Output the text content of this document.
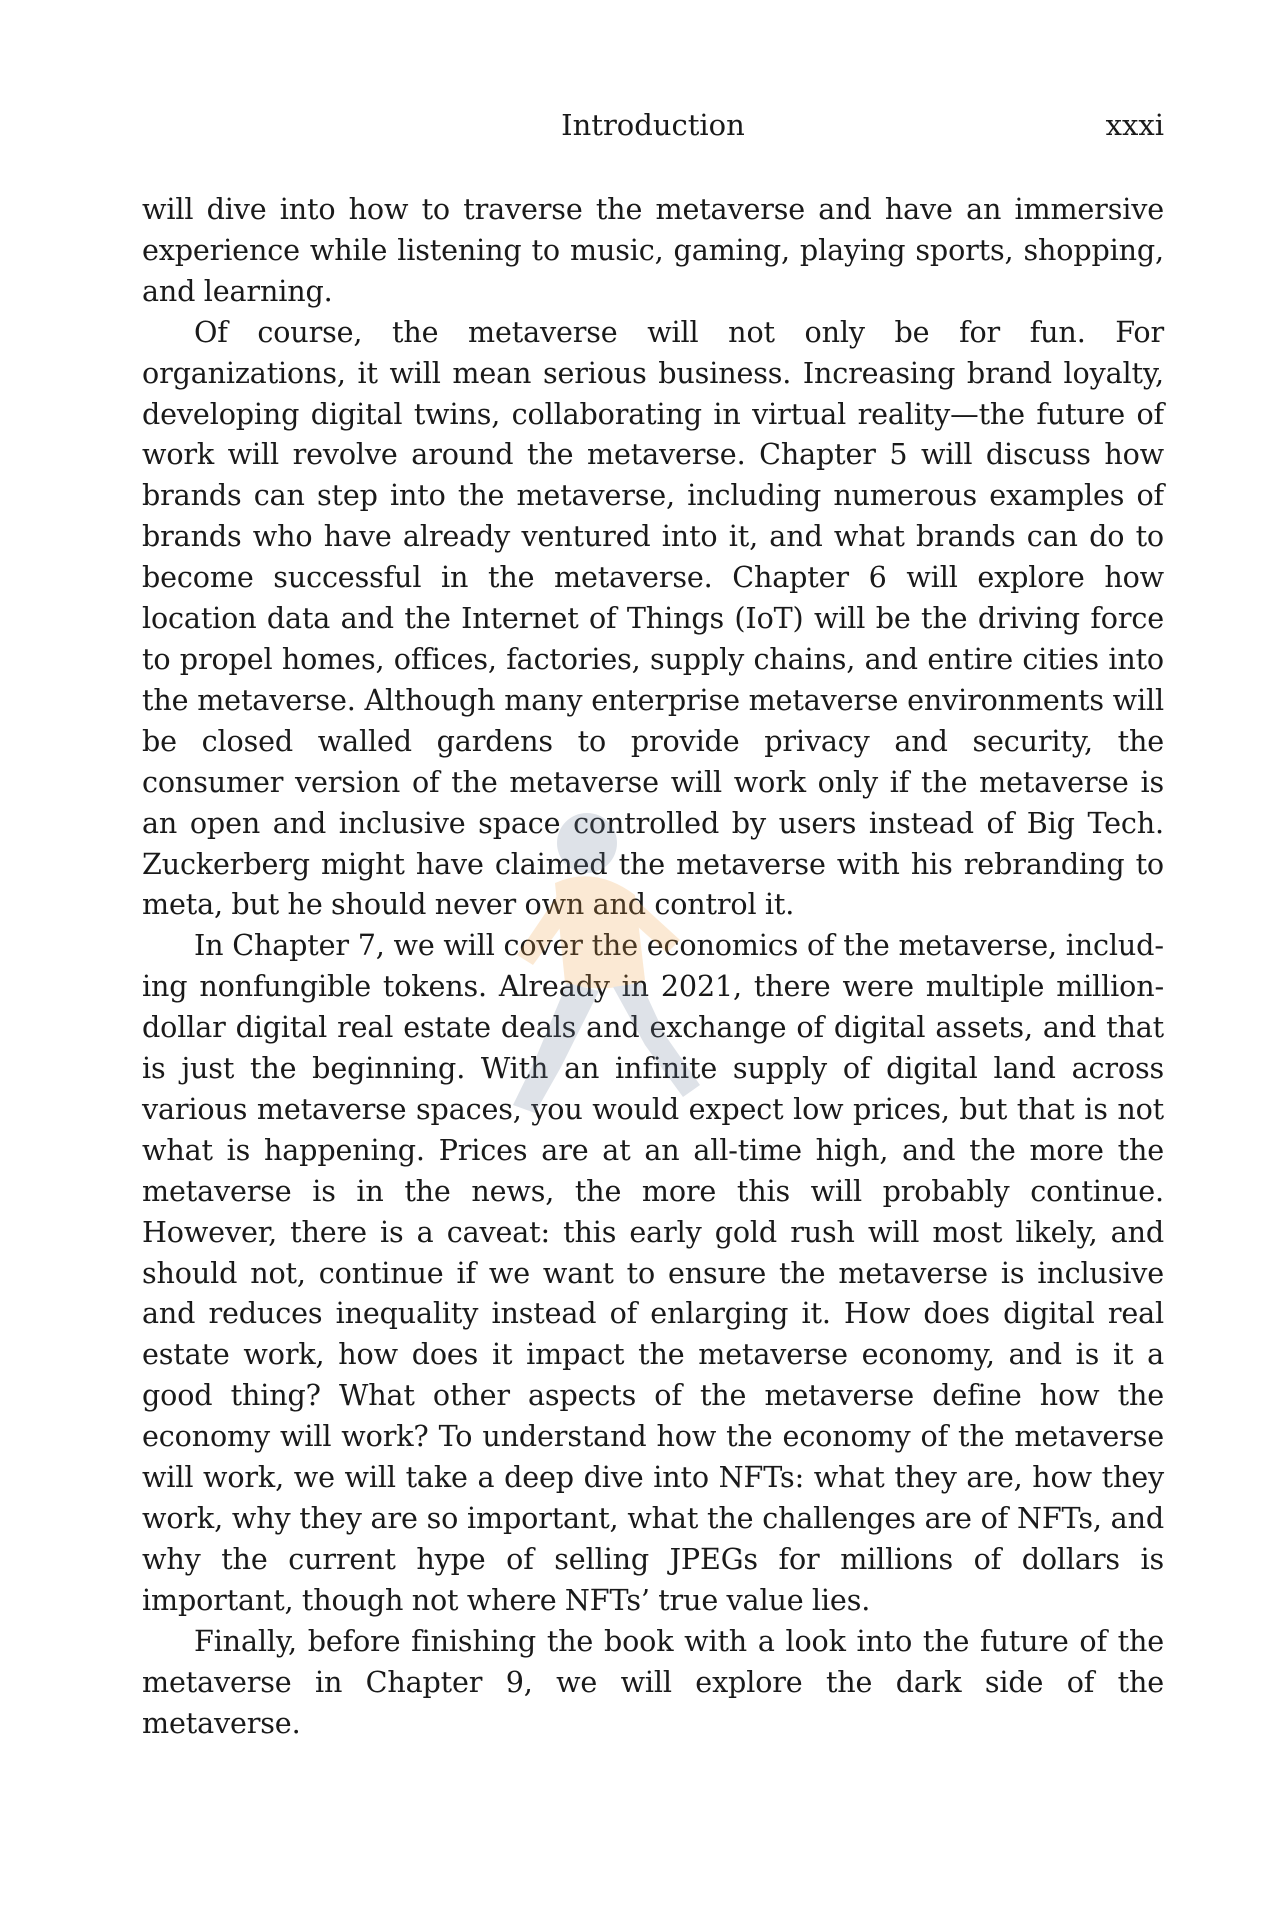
Introduction	xxxi

will dive into how to traverse the metaverse and have an immersive experience while listening to music, gaming, playing sports, shopping, and learning.

Of course, the metaverse will not only be for fun. For organizations, it will mean serious business. Increasing brand loyalty, developing digital twins, collaborating in virtual reality—the future of work will revolve around the metaverse. Chapter 5 will discuss how brands can step into the metaverse, including numerous examples of brands who have already ventured into it, and what brands can do to become successful in the metaverse. Chapter 6 will explore how location data and the Internet of Things (IoT) will be the driving force to propel homes, offices, factories, supply chains, and entire cities into the metaverse. Although many enterprise metaverse environments will be closed walled gardens to provide privacy and security, the consumer version of the metaverse will work only if the metaverse is an open and inclusive space controlled by users instead of Big Tech. Zuckerberg might have claimed the metaverse with his rebranding to meta, but he should never own and control it.

In Chapter 7, we will cover the economics of the metaverse, including nonfungible tokens. Already in 2021, there were multiple million-dollar digital real estate deals and exchange of digital assets, and that is just the beginning. With an infinite supply of digital land across various metaverse spaces, you would expect low prices, but that is not what is happening. Prices are at an all-time high, and the more the metaverse is in the news, the more this will probably continue. However, there is a caveat: this early gold rush will most likely, and should not, continue if we want to ensure the metaverse is inclusive and reduces inequality instead of enlarging it. How does digital real estate work, how does it impact the metaverse economy, and is it a good thing? What other aspects of the metaverse define how the economy will work? To understand how the economy of the metaverse will work, we will take a deep dive into NFTs: what they are, how they work, why they are so important, what the challenges are of NFTs, and why the current hype of selling JPEGs for millions of dollars is important, though not where NFTs’ true value lies.

Finally, before finishing the book with a look into the future of the metaverse in Chapter 9, we will explore the dark side of the metaverse.
